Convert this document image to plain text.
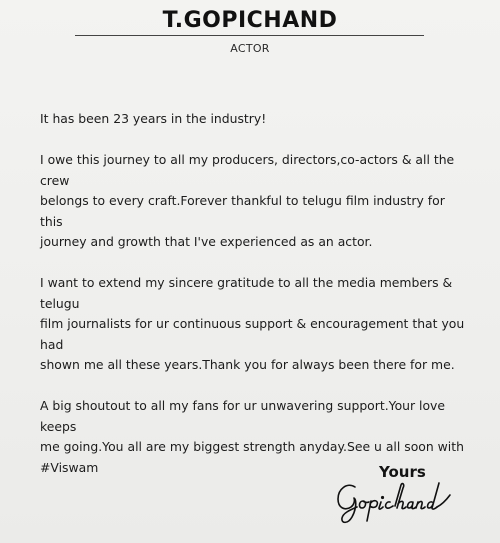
T.GOPICHAND
ACTOR

It has been 23 years in the industry!

I owe this journey to all my producers, directors,co-actors & all the crew
belongs to every craft.Forever thankful to telugu film industry for this
journey and growth that I've experienced as an actor.

I want to extend my sincere gratitude to all the media members & telugu
film journalists for ur continuous support & encouragement that you had
shown me all these years.Thank you for always been there for me.

A big shoutout to all my fans for ur unwavering support.Your love keeps
me going.You all are my biggest strength anyday.See u all soon with
#Viswam	Yours
